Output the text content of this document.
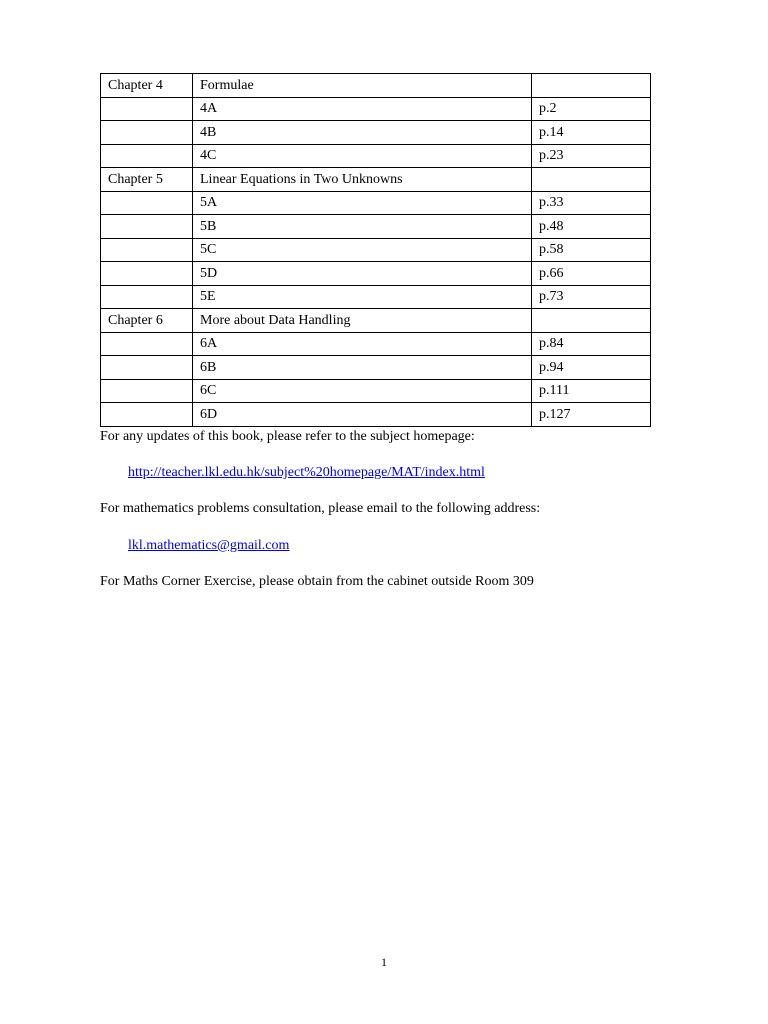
Chapter 4	Formulae	
	4A	p.2
	4B	p.14
	4C	p.23
Chapter 5	Linear Equations in Two Unknowns	
	5A	p.33
	5B	p.48
	5C	p.58
	5D	p.66
	5E	p.73
Chapter 6	More about Data Handling	
	6A	p.84
	6B	p.94
	6C	p.111
	6D	p.127

For any updates of this book, please refer to the subject homepage:

http://teacher.lkl.edu.hk/subject%20homepage/MAT/index.html

For mathematics problems consultation, please email to the following address:

lkl.mathematics@gmail.com

For Maths Corner Exercise, please obtain from the cabinet outside Room 309

1
